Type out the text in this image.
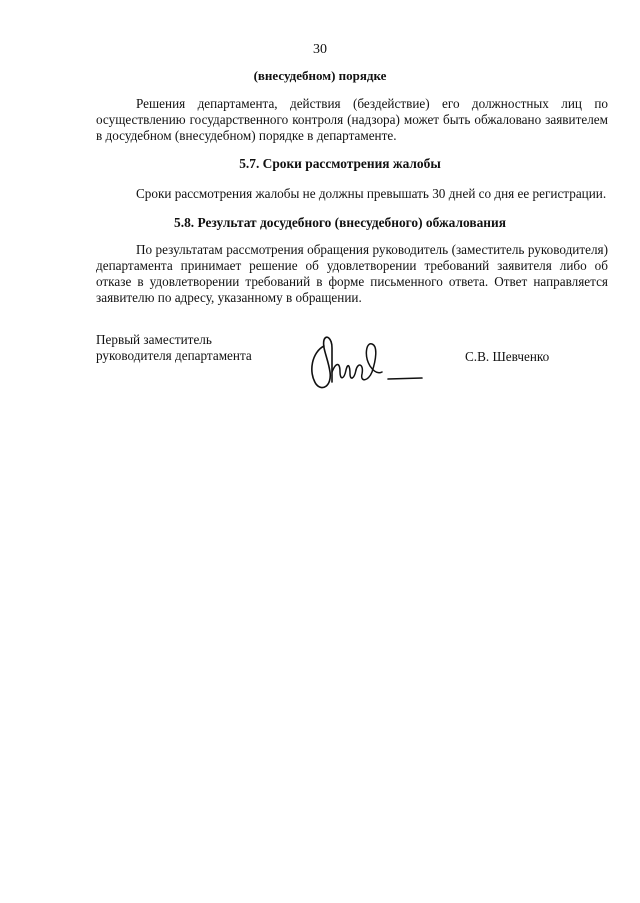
30
(внесудебном) порядке
Решения департамента, действия (бездействие) его должностных лиц по осуществлению государственного контроля (надзора) может быть обжаловано заявителем в досудебном (внесудебном) порядке в департаменте.
5.7. Сроки рассмотрения жалобы
Сроки рассмотрения жалобы не должны превышать 30 дней со дня ее регистрации.
5.8. Результат досудебного (внесудебного) обжалования
По результатам рассмотрения обращения руководитель (заместитель руководителя) департамента принимает решение об удовлетворении требований заявителя либо об отказе в удовлетворении требований в форме письменного ответа. Ответ направляется заявителю по адресу, указанному в обращении.
Первый заместитель
руководителя департамента	С.В. Шевченко
